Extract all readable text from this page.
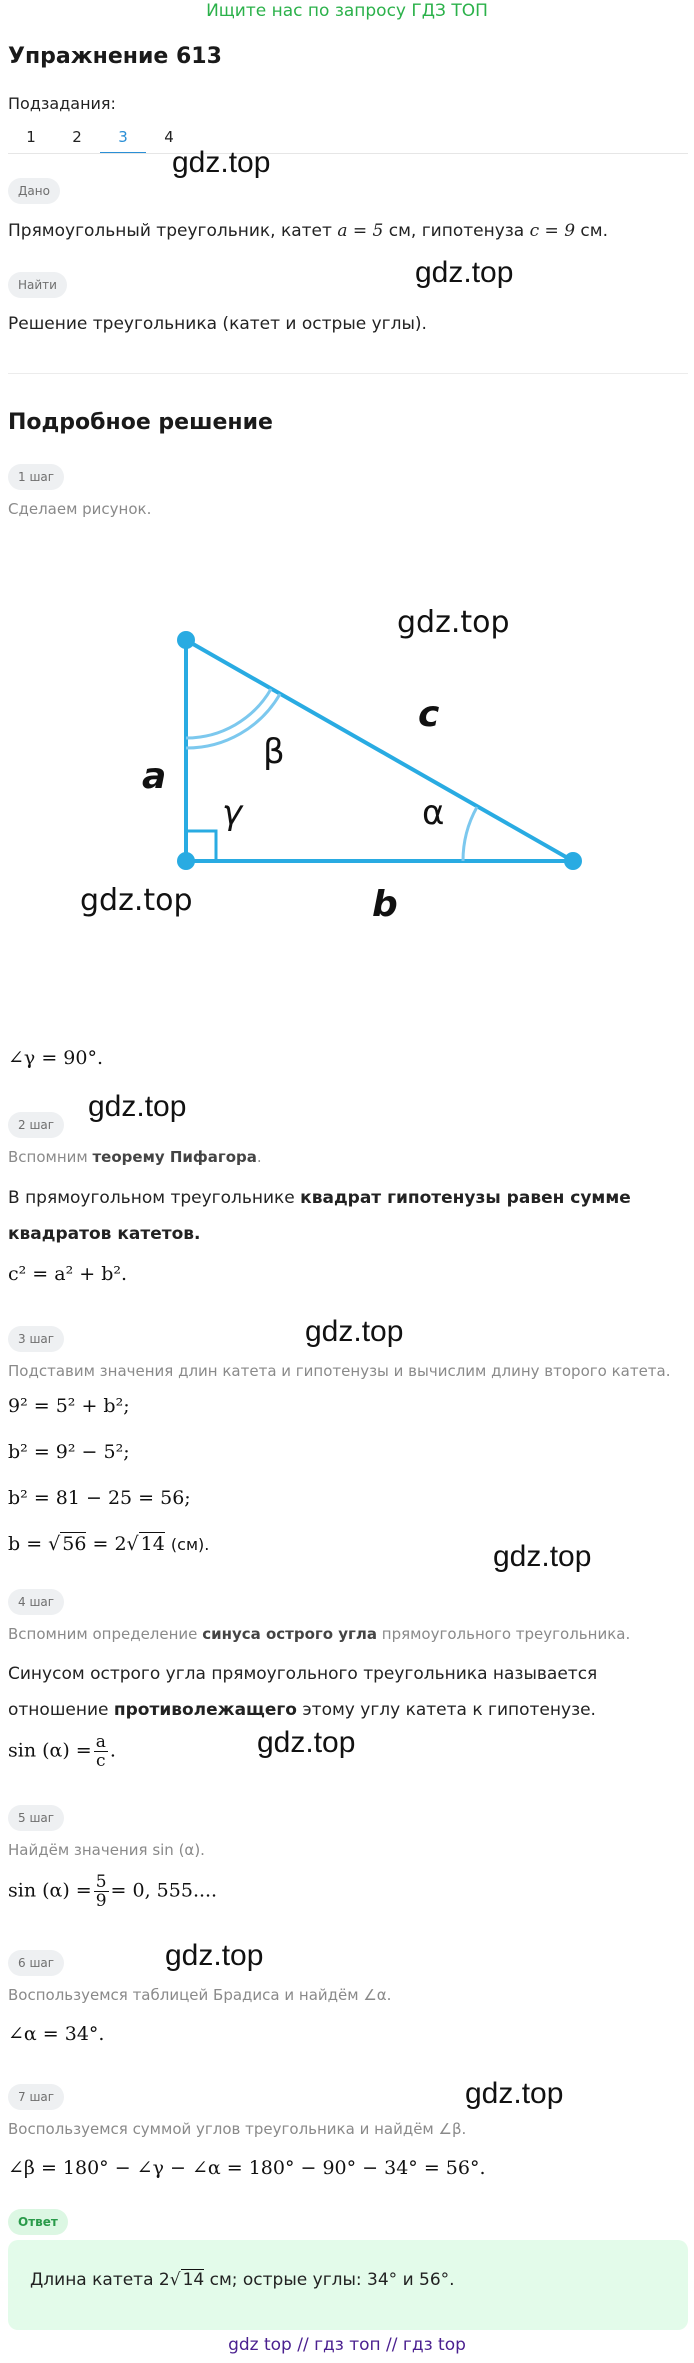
Ищите нас по запросу ГДЗ ТОП
Упражнение 613
Подзадания:
1	2	3	4
gdz.top
Дано
Прямоугольный треугольник, катет a = 5 см, гипотенуза c = 9 см.
gdz.top
Найти
Решение треугольника (катет и острые углы).
Подробное решение
1 шаг
Сделаем рисунок.
a
c
b
β
α
γ
gdz.top
gdz.top
∠γ = 90°.
gdz.top
2 шаг
Вспомним теорему Пифагора.
В прямоугольном треугольнике квадрат гипотенузы равен сумме квадратов катетов.
c² = a² + b².
gdz.top
3 шаг
Подставим значения длин катета и гипотенузы и вычислим длину второго катета.
9² = 5² + b²;
b² = 9² − 5²;
b² = 81 − 25 = 56;
b = √ 56 = 2√ 14 (см).	gdz.top
4 шаг
Вспомним определение синуса острого угла прямоугольного треугольника.
Синусом острого угла прямоугольного треугольника называется отношение противолежащего этому углу катета к гипотенузе.
$\sin (\alpha) = \frac{a}{c}$ .	gdz.top
5 шаг
Найдём значения sin (α).
$\sin (\alpha) = \frac{5}{9} = 0$, 555....
gdz.top
6 шаг
Воспользуемся таблицей Брадиса и найдём ∠α.
∠α = 34°.
gdz.top
7 шаг
Воспользуемся суммой углов треугольника и найдём ∠β.
∠β = 180° − ∠γ − ∠α = 180° − 90° − 34° = 56°.
Ответ
Длина катета 2√ 14 см; острые углы: 34° и 56°.
gdz top // гдз топ // гдз top
